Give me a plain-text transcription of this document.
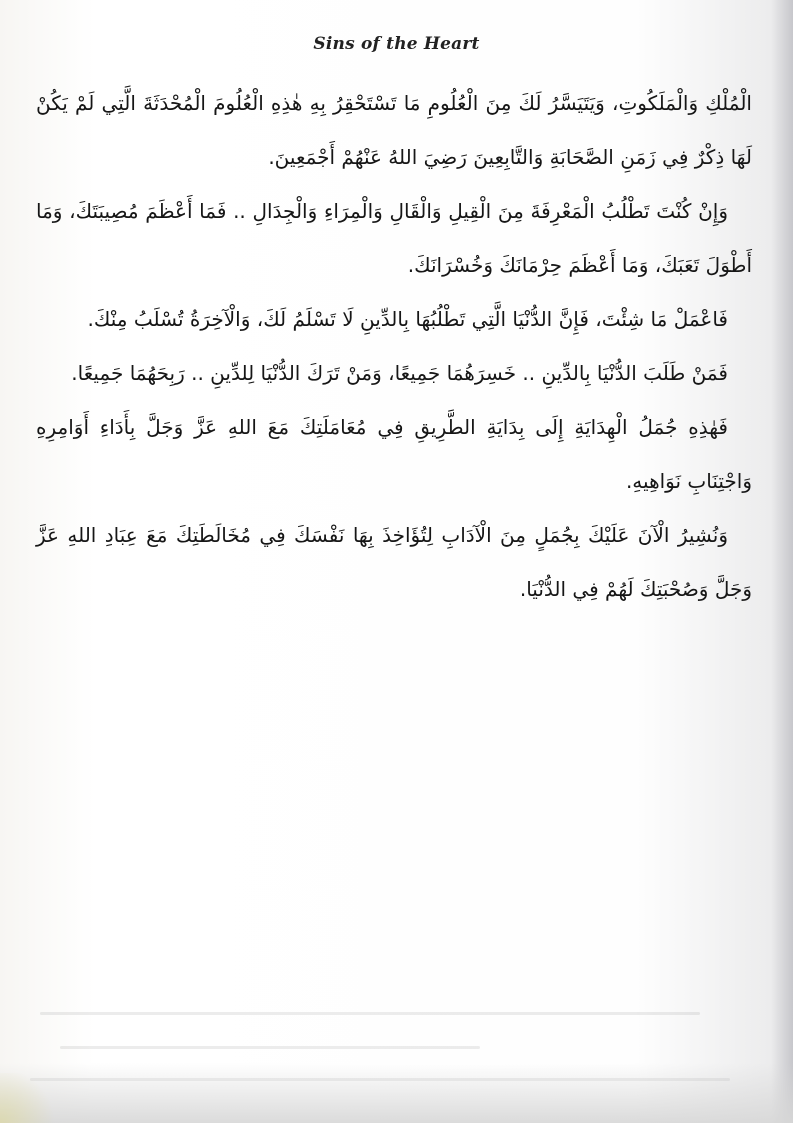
Sins of the Heart

الْمُلْكِ وَالْمَلَكُوتِ، وَيَتَيَسَّرُ لَكَ مِنَ الْعُلُومِ مَا تَسْتَحْقِرُ بِهِ هٰذِهِ الْعُلُومَ الْمُحْدَثَةَ الَّتِي لَمْ يَكُنْ لَهَا ذِكْرٌ فِي زَمَنِ الصَّحَابَةِ وَالتَّابِعِينَ رَضِيَ اللهُ عَنْهُمْ أَجْمَعِينَ.

وَإِنْ كُنْتَ تَطْلُبُ الْمَعْرِفَةَ مِنَ الْقِيلِ وَالْقَالِ وَالْمِرَاءِ وَالْجِدَالِ .. فَمَا أَعْظَمَ مُصِيبَتَكَ، وَمَا أَطْوَلَ تَعَبَكَ، وَمَا أَعْظَمَ حِرْمَانَكَ وَخُسْرَانَكَ.

فَاعْمَلْ مَا شِئْتَ، فَإِنَّ الدُّنْيَا الَّتِي تَطْلُبُهَا بِالدِّينِ لَا تَسْلَمُ لَكَ، وَالْآخِرَةُ تُسْلَبُ مِنْكَ.

فَمَنْ طَلَبَ الدُّنْيَا بِالدِّينِ .. خَسِرَهُمَا جَمِيعًا، وَمَنْ تَرَكَ الدُّنْيَا لِلدِّينِ .. رَبِحَهُمَا جَمِيعًا.

فَهٰذِهِ جُمَلُ الْهِدَايَةِ إِلَى بِدَايَةِ الطَّرِيقِ فِي مُعَامَلَتِكَ مَعَ اللهِ عَزَّ وَجَلَّ بِأَدَاءِ أَوَامِرِهِ وَاجْتِنَابِ نَوَاهِيهِ.

وَنُشِيرُ الْآنَ عَلَيْكَ بِجُمَلٍ مِنَ الْآدَابِ لِتُؤَاخِذَ بِهَا نَفْسَكَ فِي مُخَالَطَتِكَ مَعَ عِبَادِ اللهِ عَزَّ وَجَلَّ وَصُحْبَتِكَ لَهُمْ فِي الدُّنْيَا.
